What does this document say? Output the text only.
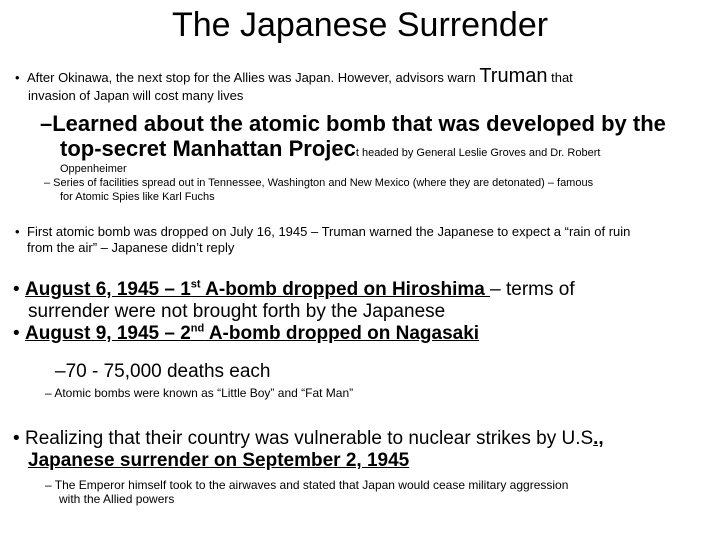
The Japanese Surrender
• After Okinawa, the next stop for the Allies was Japan. However, advisors warn Truman that
invasion of Japan will cost many lives
–Learned about the atomic bomb that was developed by the
top-secret Manhattan Project headed by General Leslie Groves and Dr. Robert
Oppenheimer
– Series of facilities spread out in Tennessee, Washington and New Mexico (where they are detonated) – famous
for Atomic Spies like Karl Fuchs
• First atomic bomb was dropped on July 16, 1945 – Truman warned the Japanese to expect a “rain of ruin
from the air” – Japanese didn’t reply
• August 6, 1945 – 1st A-bomb dropped on Hiroshima – terms of
surrender were not brought forth by the Japanese
• August 9, 1945 – 2nd A-bomb dropped on Nagasaki
–70 - 75,000 deaths each
– Atomic bombs were known as “Little Boy” and “Fat Man”
• Realizing that their country was vulnerable to nuclear strikes by U.S.,
Japanese surrender on September 2, 1945
– The Emperor himself took to the airwaves and stated that Japan would cease military aggression
with the Allied powers
